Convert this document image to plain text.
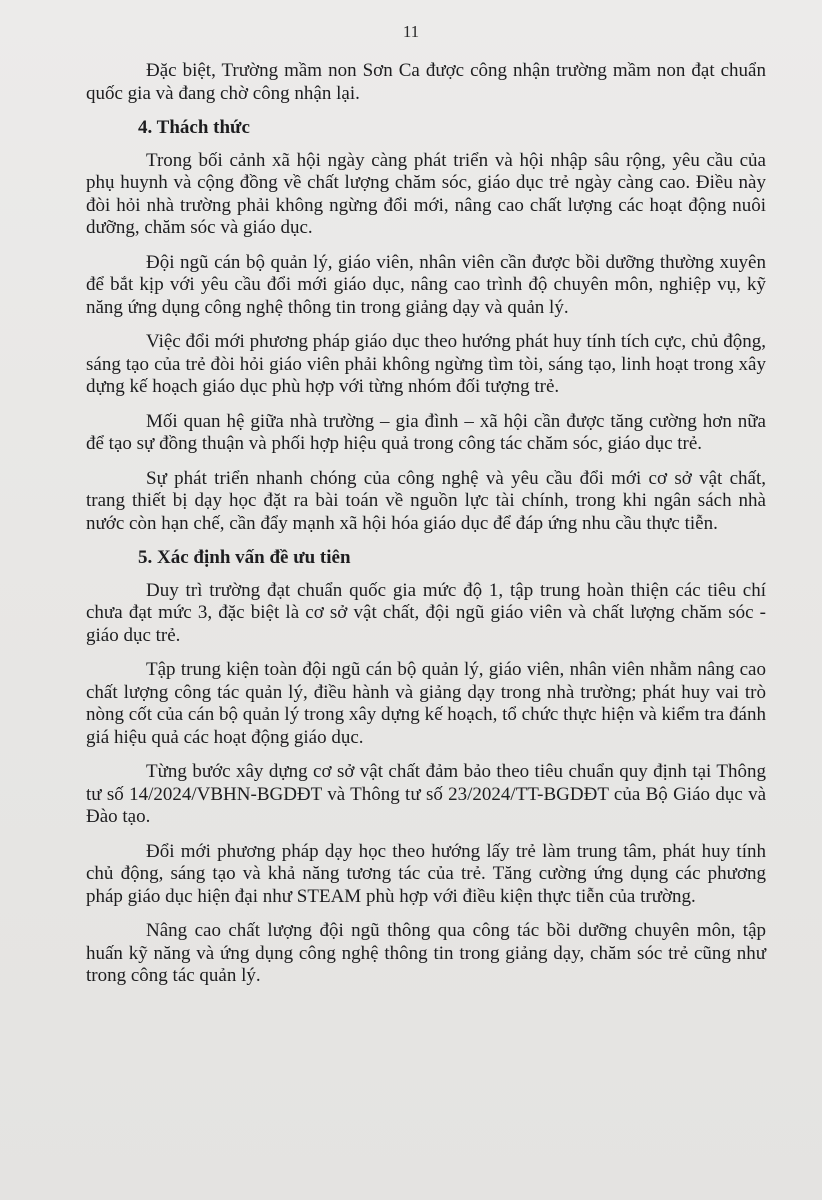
11

Đặc biệt, Trường mầm non Sơn Ca được công nhận trường mầm non đạt chuẩn quốc gia và đang chờ công nhận lại.

4. Thách thức

Trong bối cảnh xã hội ngày càng phát triển và hội nhập sâu rộng, yêu cầu của phụ huynh và cộng đồng về chất lượng chăm sóc, giáo dục trẻ ngày càng cao. Điều này đòi hỏi nhà trường phải không ngừng đổi mới, nâng cao chất lượng các hoạt động nuôi dưỡng, chăm sóc và giáo dục.

Đội ngũ cán bộ quản lý, giáo viên, nhân viên cần được bồi dưỡng thường xuyên để bắt kịp với yêu cầu đổi mới giáo dục, nâng cao trình độ chuyên môn, nghiệp vụ, kỹ năng ứng dụng công nghệ thông tin trong giảng dạy và quản lý.

Việc đổi mới phương pháp giáo dục theo hướng phát huy tính tích cực, chủ động, sáng tạo của trẻ đòi hỏi giáo viên phải không ngừng tìm tòi, sáng tạo, linh hoạt trong xây dựng kế hoạch giáo dục phù hợp với từng nhóm đối tượng trẻ.

Mối quan hệ giữa nhà trường – gia đình – xã hội cần được tăng cường hơn nữa để tạo sự đồng thuận và phối hợp hiệu quả trong công tác chăm sóc, giáo dục trẻ.

Sự phát triển nhanh chóng của công nghệ và yêu cầu đổi mới cơ sở vật chất, trang thiết bị dạy học đặt ra bài toán về nguồn lực tài chính, trong khi ngân sách nhà nước còn hạn chế, cần đẩy mạnh xã hội hóa giáo dục để đáp ứng nhu cầu thực tiễn.

5. Xác định vấn đề ưu tiên

Duy trì trường đạt chuẩn quốc gia mức độ 1, tập trung hoàn thiện các tiêu chí chưa đạt mức 3, đặc biệt là cơ sở vật chất, đội ngũ giáo viên và chất lượng chăm sóc - giáo dục trẻ.

Tập trung kiện toàn đội ngũ cán bộ quản lý, giáo viên, nhân viên nhằm nâng cao chất lượng công tác quản lý, điều hành và giảng dạy trong nhà trường; phát huy vai trò nòng cốt của cán bộ quản lý trong xây dựng kế hoạch, tổ chức thực hiện và kiểm tra đánh giá hiệu quả các hoạt động giáo dục.

Từng bước xây dựng cơ sở vật chất đảm bảo theo tiêu chuẩn quy định tại Thông tư số 14/2024/VBHN-BGDĐT và Thông tư số 23/2024/TT-BGDĐT của Bộ Giáo dục và Đào tạo.

Đổi mới phương pháp dạy học theo hướng lấy trẻ làm trung tâm, phát huy tính chủ động, sáng tạo và khả năng tương tác của trẻ. Tăng cường ứng dụng các phương pháp giáo dục hiện đại như STEAM phù hợp với điều kiện thực tiễn của trường.

Nâng cao chất lượng đội ngũ thông qua công tác bồi dưỡng chuyên môn, tập huấn kỹ năng và ứng dụng công nghệ thông tin trong giảng dạy, chăm sóc trẻ cũng như trong công tác quản lý.
